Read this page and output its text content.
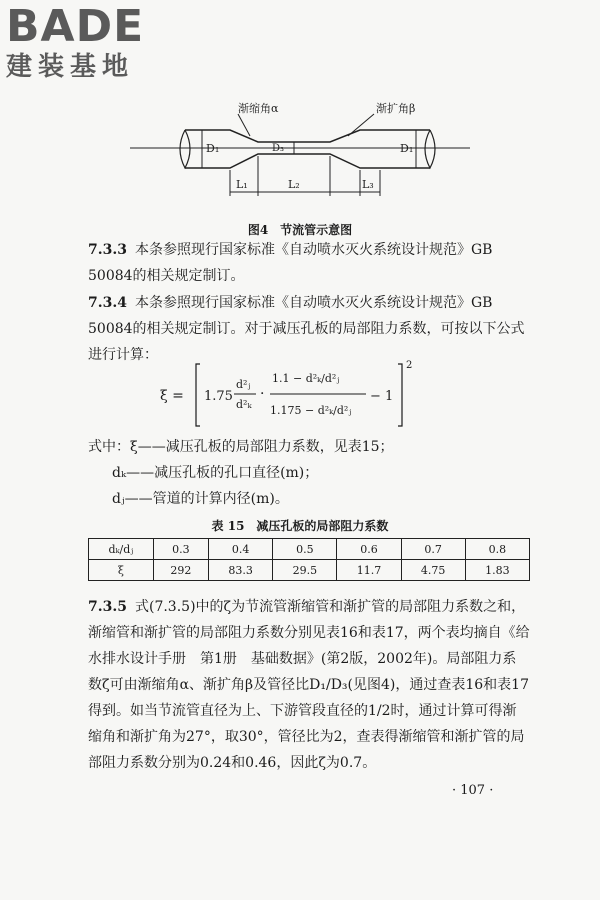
BADE
建装基地
渐缩角α	渐扩角β
D₁	D₃	D₁
L₁	L₂	L₃
图4　节流管示意图
7.3.3 本条参照现行国家标准《自动喷水灭火系统设计规范》GB 50084的相关规定制订。
7.3.4 本条参照现行国家标准《自动喷水灭火系统设计规范》GB 50084的相关规定制订。对于减压孔板的局部阻力系数，可按以下公式进行计算：
ξ = 1.75
d²ⱼ
d²ₖ
·
1.1 − d²ₖ/d²ⱼ
1.175 − d²ₖ/d²ⱼ
− 1
2
式中：ξ——减压孔板的局部阻力系数，见表15；
dₖ——减压孔板的孔口直径(m)；
dⱼ——管道的计算内径(m)。
表 15　减压孔板的局部阻力系数
dₖ/dⱼ	0.3	0.4	0.5	0.6	0.7	0.8
ξ	292	83.3	29.5	11.7	4.75	1.83
7.3.5 式(7.3.5)中的ζ为节流管渐缩管和渐扩管的局部阻力系数之和，渐缩管和渐扩管的局部阻力系数分别见表16和表17，两个表均摘自《给水排水设计手册　第1册　基础数据》(第2版，2002年)。局部阻力系数ζ可由渐缩角α、渐扩角β及管径比D₁/D₃(见图4)，通过查表16和表17得到。如当节流管直径为上、下游管段直径的1/2时，通过计算可得渐缩角和渐扩角为27°，取30°，管径比为2，查表得渐缩管和渐扩管的局部阻力系数分别为0.24和0.46，因此ζ为0.7。
· 107 ·
